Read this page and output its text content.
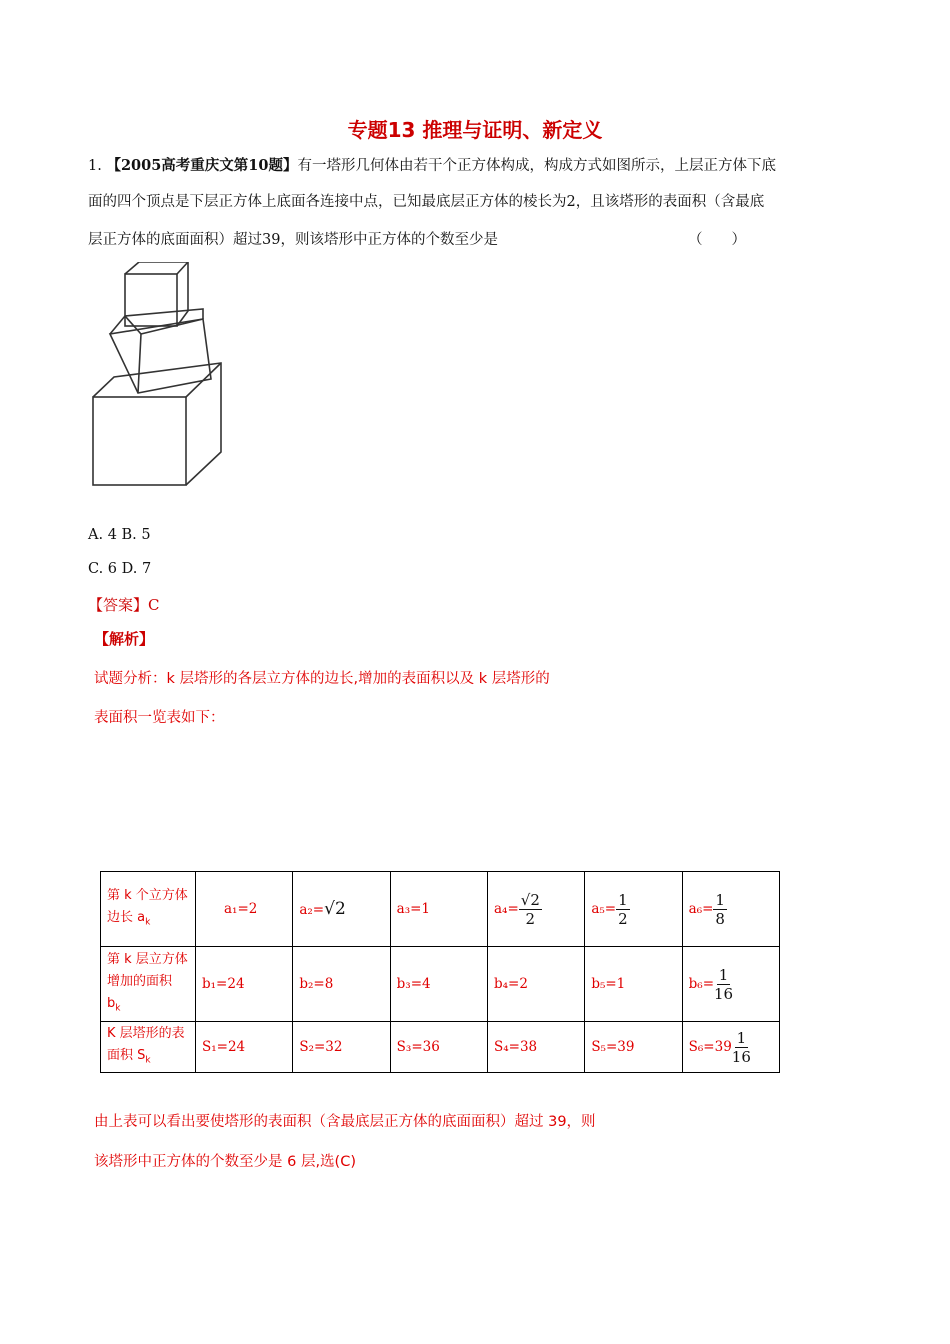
专题13 推理与证明、新定义
1. 【2005高考重庆文第10题】有一塔形几何体由若干个正方体构成，构成方式如图所示，上层正方体下底
面的四个顶点是下层正方体上底面各连接中点，已知最底层正方体的棱长为2，且该塔形的表面积（含最底
层正方体的底面面积）超过39，则该塔形中正方体的个数至少是	（　　）
A. 4 B. 5
C. 6 D. 7
【答案】C
【解析】
试题分析：k 层塔形的各层立方体的边长,增加的表面积以及 k 层塔形的
表面积一览表如下：
第 k 个立方体边长 $a_k$	a₁=2	a₂=√2	a₃=1	$a_4= \frac{√2}{2}$	$a_5= \frac{1}{2}$	$a_6= \frac{1}{8}$

第 k 层立方体增加的面积 $b_k$	b₁=24	b₂=8	b₃=4	b₄=2	b₅=1	$b_6= \frac{1}{16}$

K 层塔形的表面积 $S_k$	S₁=24	S₂=32	S₃=36	S₄=38	S₅=39	$S_6=39 \frac{1}{16}$
由上表可以看出要使塔形的表面积（含最底层正方体的底面面积）超过 39，则
该塔形中正方体的个数至少是 6 层,选(C)
